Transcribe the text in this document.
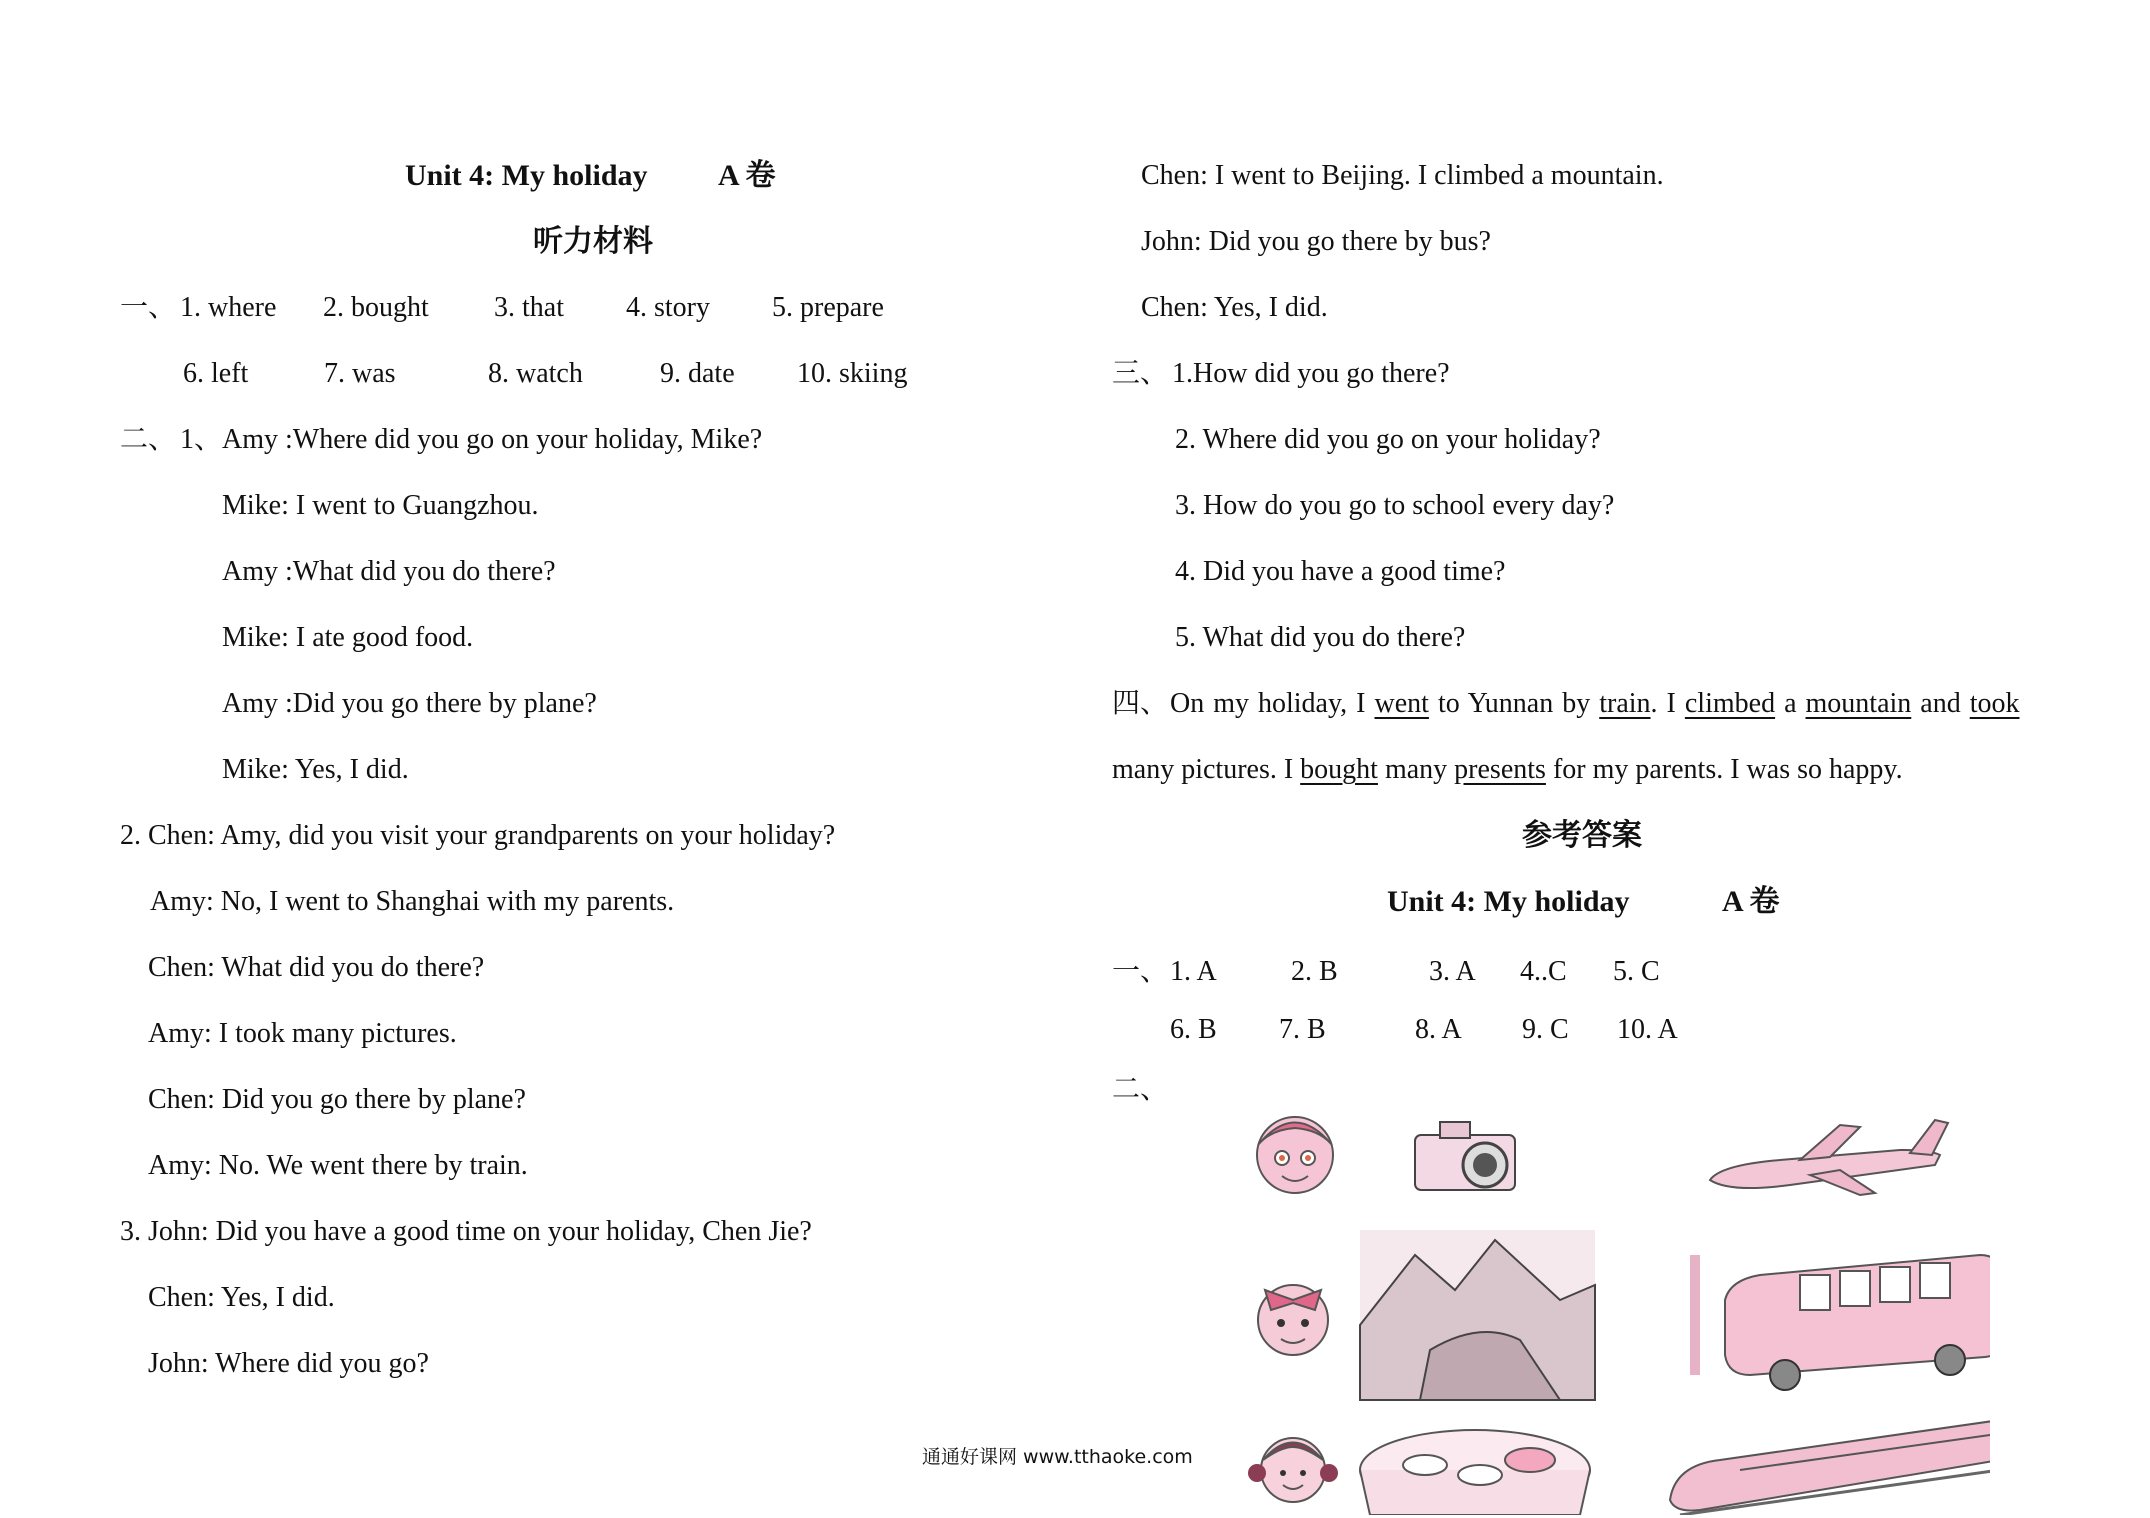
Unit 4: My holiday A 卷
听力材料
一、 1. where 2. bought 3. that 4. story 5. prepare
6. left	7. was	8. watch	9. date 10. skiing
二、 1、Amy :Where did you go on your holiday, Mike?
Mike: I went to Guangzhou.
Amy :What did you do there?
Mike: I ate good food.
Amy :Did you go there by plane?
Mike: Yes, I did.
2. Chen: Amy, did you visit your grandparents on your holiday?
Amy: No, I went to Shanghai with my parents.
Chen: What did you do there?
Amy: I took many pictures.
Chen: Did you go there by plane?
Amy: No. We went there by train.
3. John: Did you have a good time on your holiday, Chen Jie?
Chen: Yes, I did.
John: Where did you go?
Chen: I went to Beijing. I climbed a mountain.
John: Did you go there by bus?
Chen: Yes, I did.
三、 1.How did you go there?
2. Where did you go on your holiday?
3. How do you go to school every day?
4. Did you have a good time?
5. What did you do there?
四、 On my holiday, I went to Yunnan by train. I climbed a mountain and took
many pictures. I bought many presents for my parents. I was so happy.
参考答案
Unit 4: My holiday	A 卷
一、 1. A	2. B	3. A 4..C 5. C
6. B 7. B	8. A 9. C 10. A
二、
通通好课网 www.tthaoke.com
